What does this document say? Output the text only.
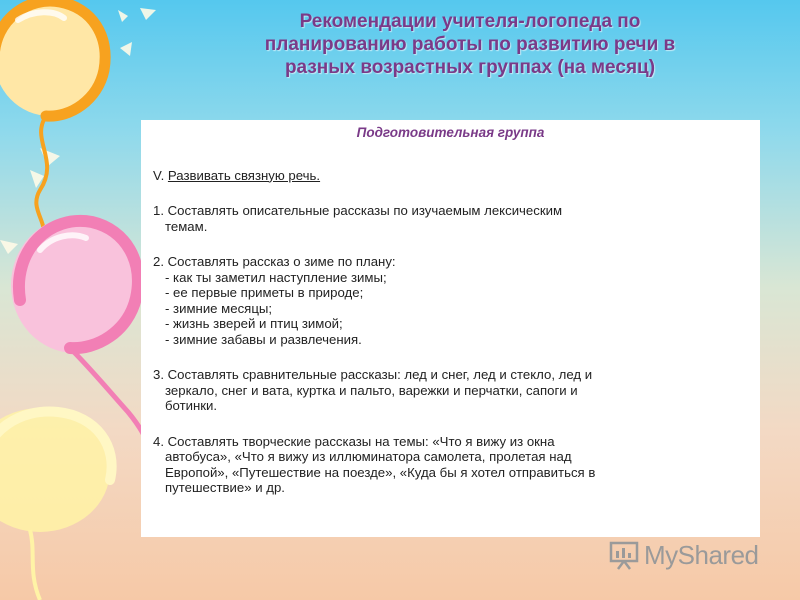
Рекомендации учителя-логопеда по
планированию работы по развитию речи в
разных возрастных группах (на месяц)
Подготовительная группа
V. Развивать связную речь.
1. Составлять описательные рассказы по изучаемым лексическим
темам.
2. Составлять рассказ о зиме по плану:
- как ты заметил наступление зимы;
- ее первые приметы в природе;
- зимние месяцы;
- жизнь зверей и птиц зимой;
- зимние забавы и развлечения.
3. Составлять сравнительные рассказы: лед и снег, лед и стекло, лед и
зеркало, снег и вата, куртка и пальто, варежки и перчатки, сапоги и
ботинки.
4. Составлять творческие рассказы на темы: «Что я вижу из окна
автобуса», «Что я вижу из иллюминатора самолета, пролетая над
Европой», «Путешествие на поезде», «Куда бы я хотел отправиться в
путешествие» и др.
MyShared
